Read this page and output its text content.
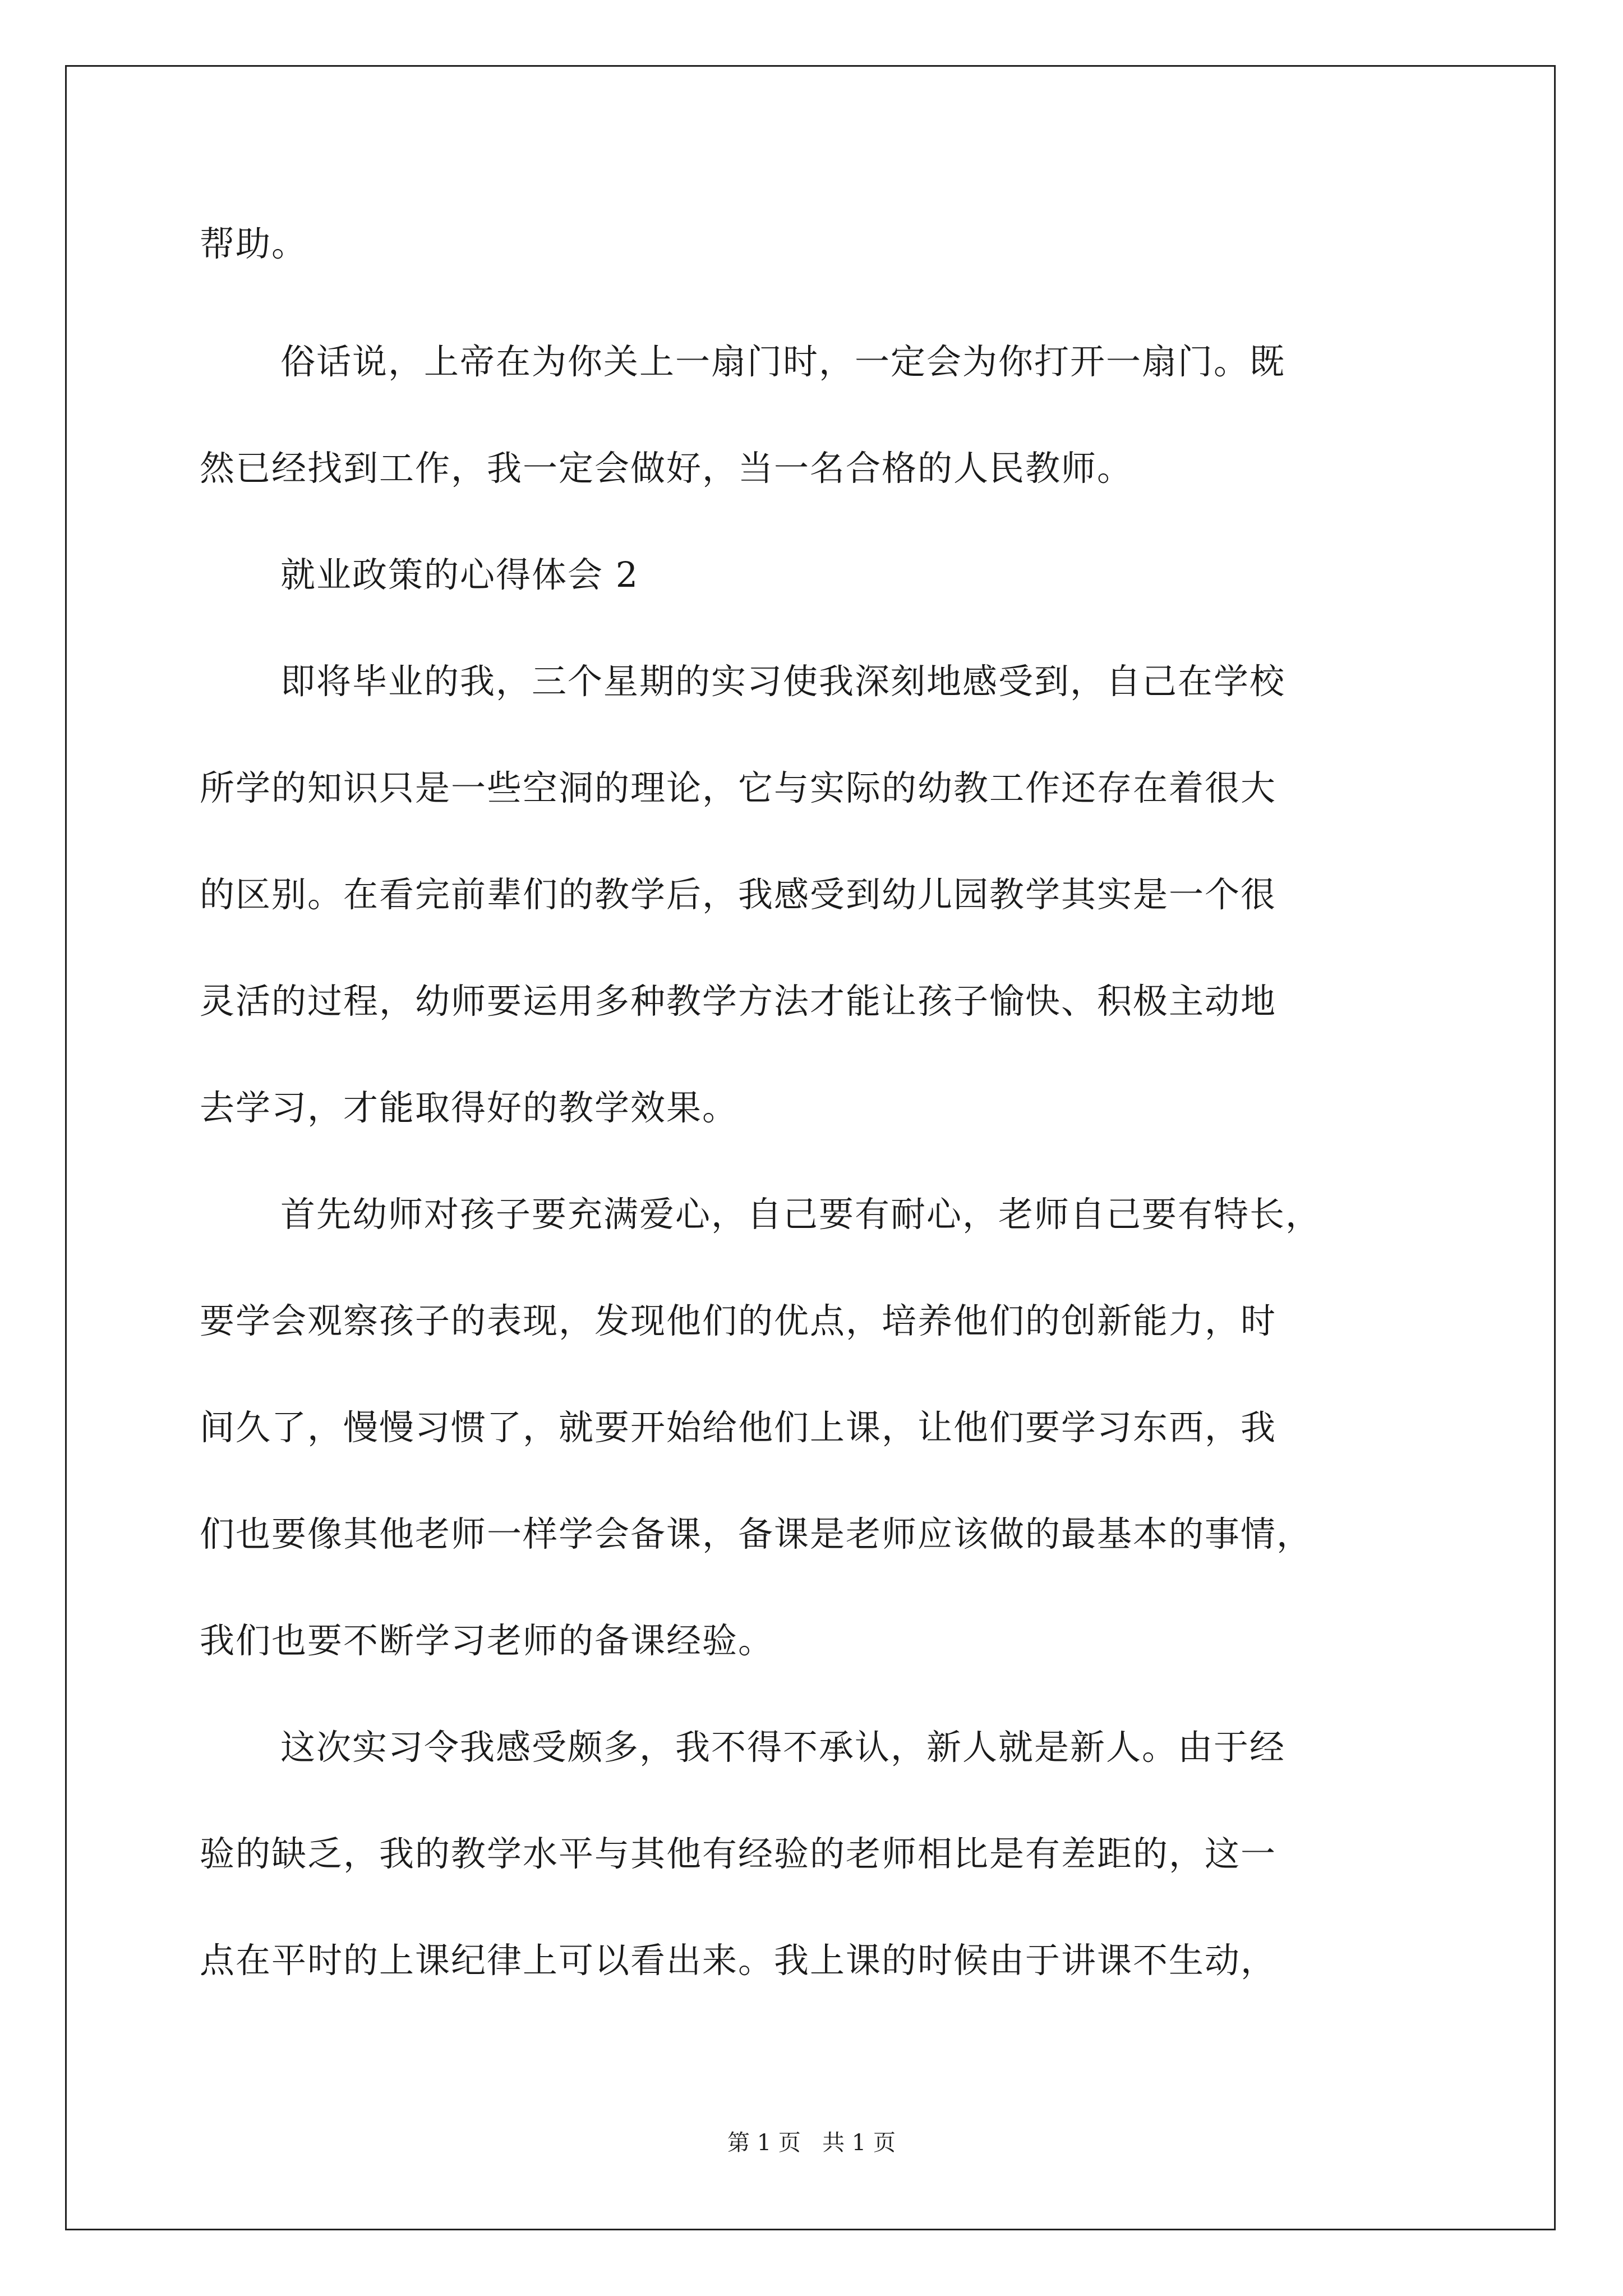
帮助。
俗话说，上帝在为你关上一扇门时，一定会为你打开一扇门。既
然已经找到工作，我一定会做好，当一名合格的人民教师。
就业政策的心得体会 2
即将毕业的我，三个星期的实习使我深刻地感受到，自己在学校
所学的知识只是一些空洞的理论，它与实际的幼教工作还存在着很大
的区别。在看完前辈们的教学后，我感受到幼儿园教学其实是一个很
灵活的过程，幼师要运用多种教学方法才能让孩子愉快、积极主动地
去学习，才能取得好的教学效果。
首先幼师对孩子要充满爱心，自己要有耐心，老师自己要有特长，
要学会观察孩子的表现，发现他们的优点，培养他们的创新能力，时
间久了，慢慢习惯了，就要开始给他们上课，让他们要学习东西，我
们也要像其他老师一样学会备课，备课是老师应该做的最基本的事情，
我们也要不断学习老师的备课经验。
这次实习令我感受颇多，我不得不承认，新人就是新人。由于经
验的缺乏，我的教学水平与其他有经验的老师相比是有差距的，这一
点在平时的上课纪律上可以看出来。我上课的时候由于讲课不生动，
第 1 页   共 1 页
